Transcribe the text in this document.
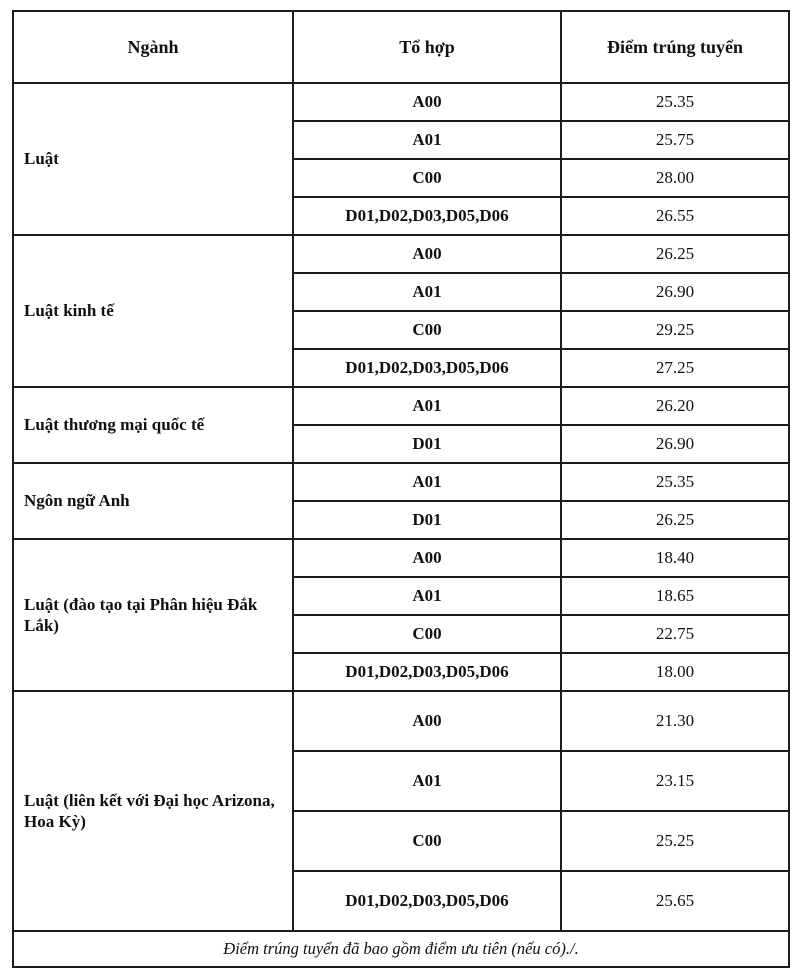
Ngành	Tổ hợp	Điểm trúng tuyển
Luật	A00	25.35
	A01	25.75
	C00	28.00
	D01,D02,D03,D05,D06	26.55
Luật kinh tế	A00	26.25
	A01	26.90
	C00	29.25
	D01,D02,D03,D05,D06	27.25
Luật thương mại quốc tế	A01	26.20
	D01	26.90
Ngôn ngữ Anh	A01	25.35
	D01	26.25
Luật (đào tạo tại Phân hiệu Đắk Lắk)	A00	18.40
	A01	18.65
	C00	22.75
	D01,D02,D03,D05,D06	18.00
Luật (liên kết với Đại học Arizona, Hoa Kỳ)	A00	21.30
	A01	23.15
	C00	25.25
	D01,D02,D03,D05,D06	25.65
Điểm trúng tuyển đã bao gồm điểm ưu tiên (nếu có)./.		
